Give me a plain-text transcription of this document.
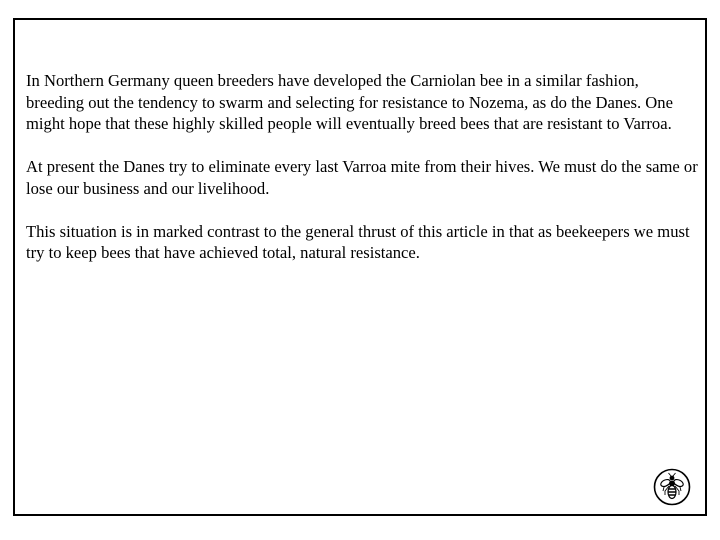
In Northern Germany queen breeders have developed the Carniolan bee in a similar fashion, breeding out the tendency to swarm and selecting for resistance to Nozema, as do the Danes. One might hope that these highly skilled people will eventually breed bees that are resistant to Varroa.

At present the Danes try to eliminate every last Varroa mite from their hives. We must do the same or lose our business and our livelihood.

This situation is in marked contrast to the general thrust of this article in that as beekeepers we must try to keep bees that have achieved total, natural resistance.
